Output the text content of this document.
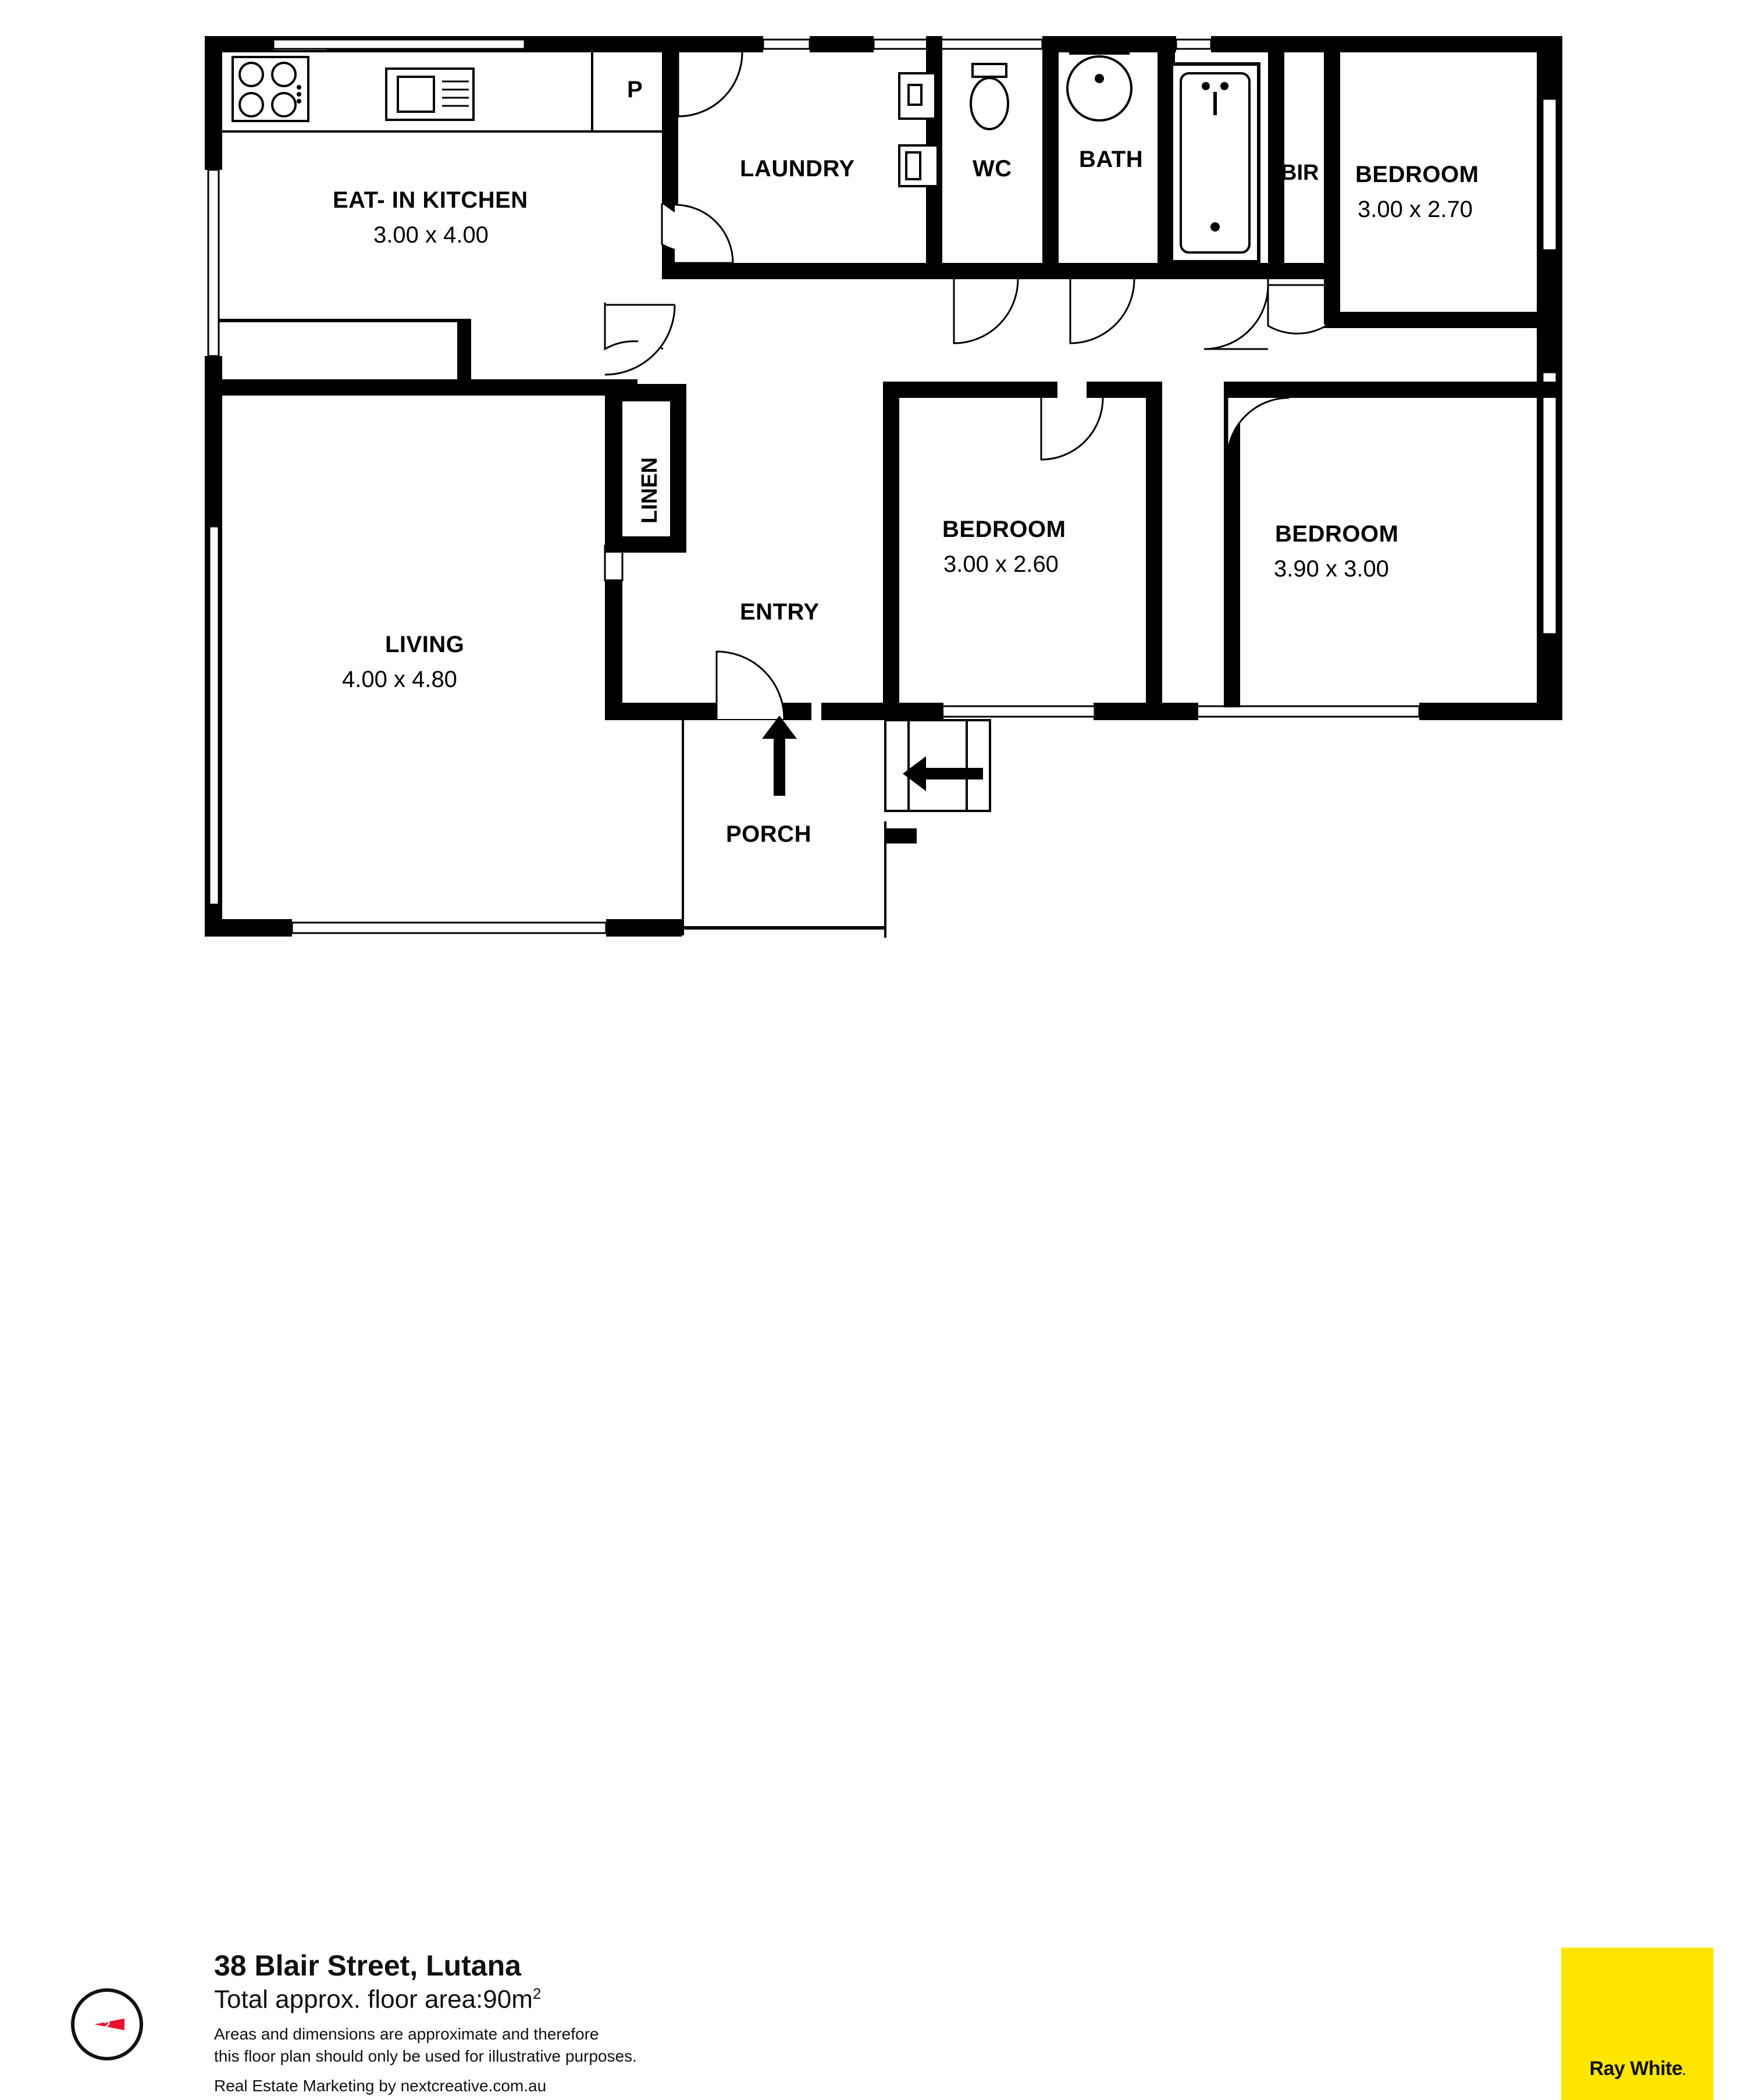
EAT- IN KITCHEN
3.00 x 4.00
LAUNDRY	WC	BATH
BIR BEDROOM
3.00 x 2.70
LINEN
BEDROOM
3.00 x 2.60
BEDROOM
3.90 x 3.00
LIVING
4.00 x 4.80
ENTRY
PORCH
P
2
38 Blair Street, Lutana
Total approx. floor $area:90m^2$
Areas and dimensions are approximate and therefore
this floor plan should only be used for illustrative purposes.
Real Estate Marketing by nextcreative.com.au
Ray White.
